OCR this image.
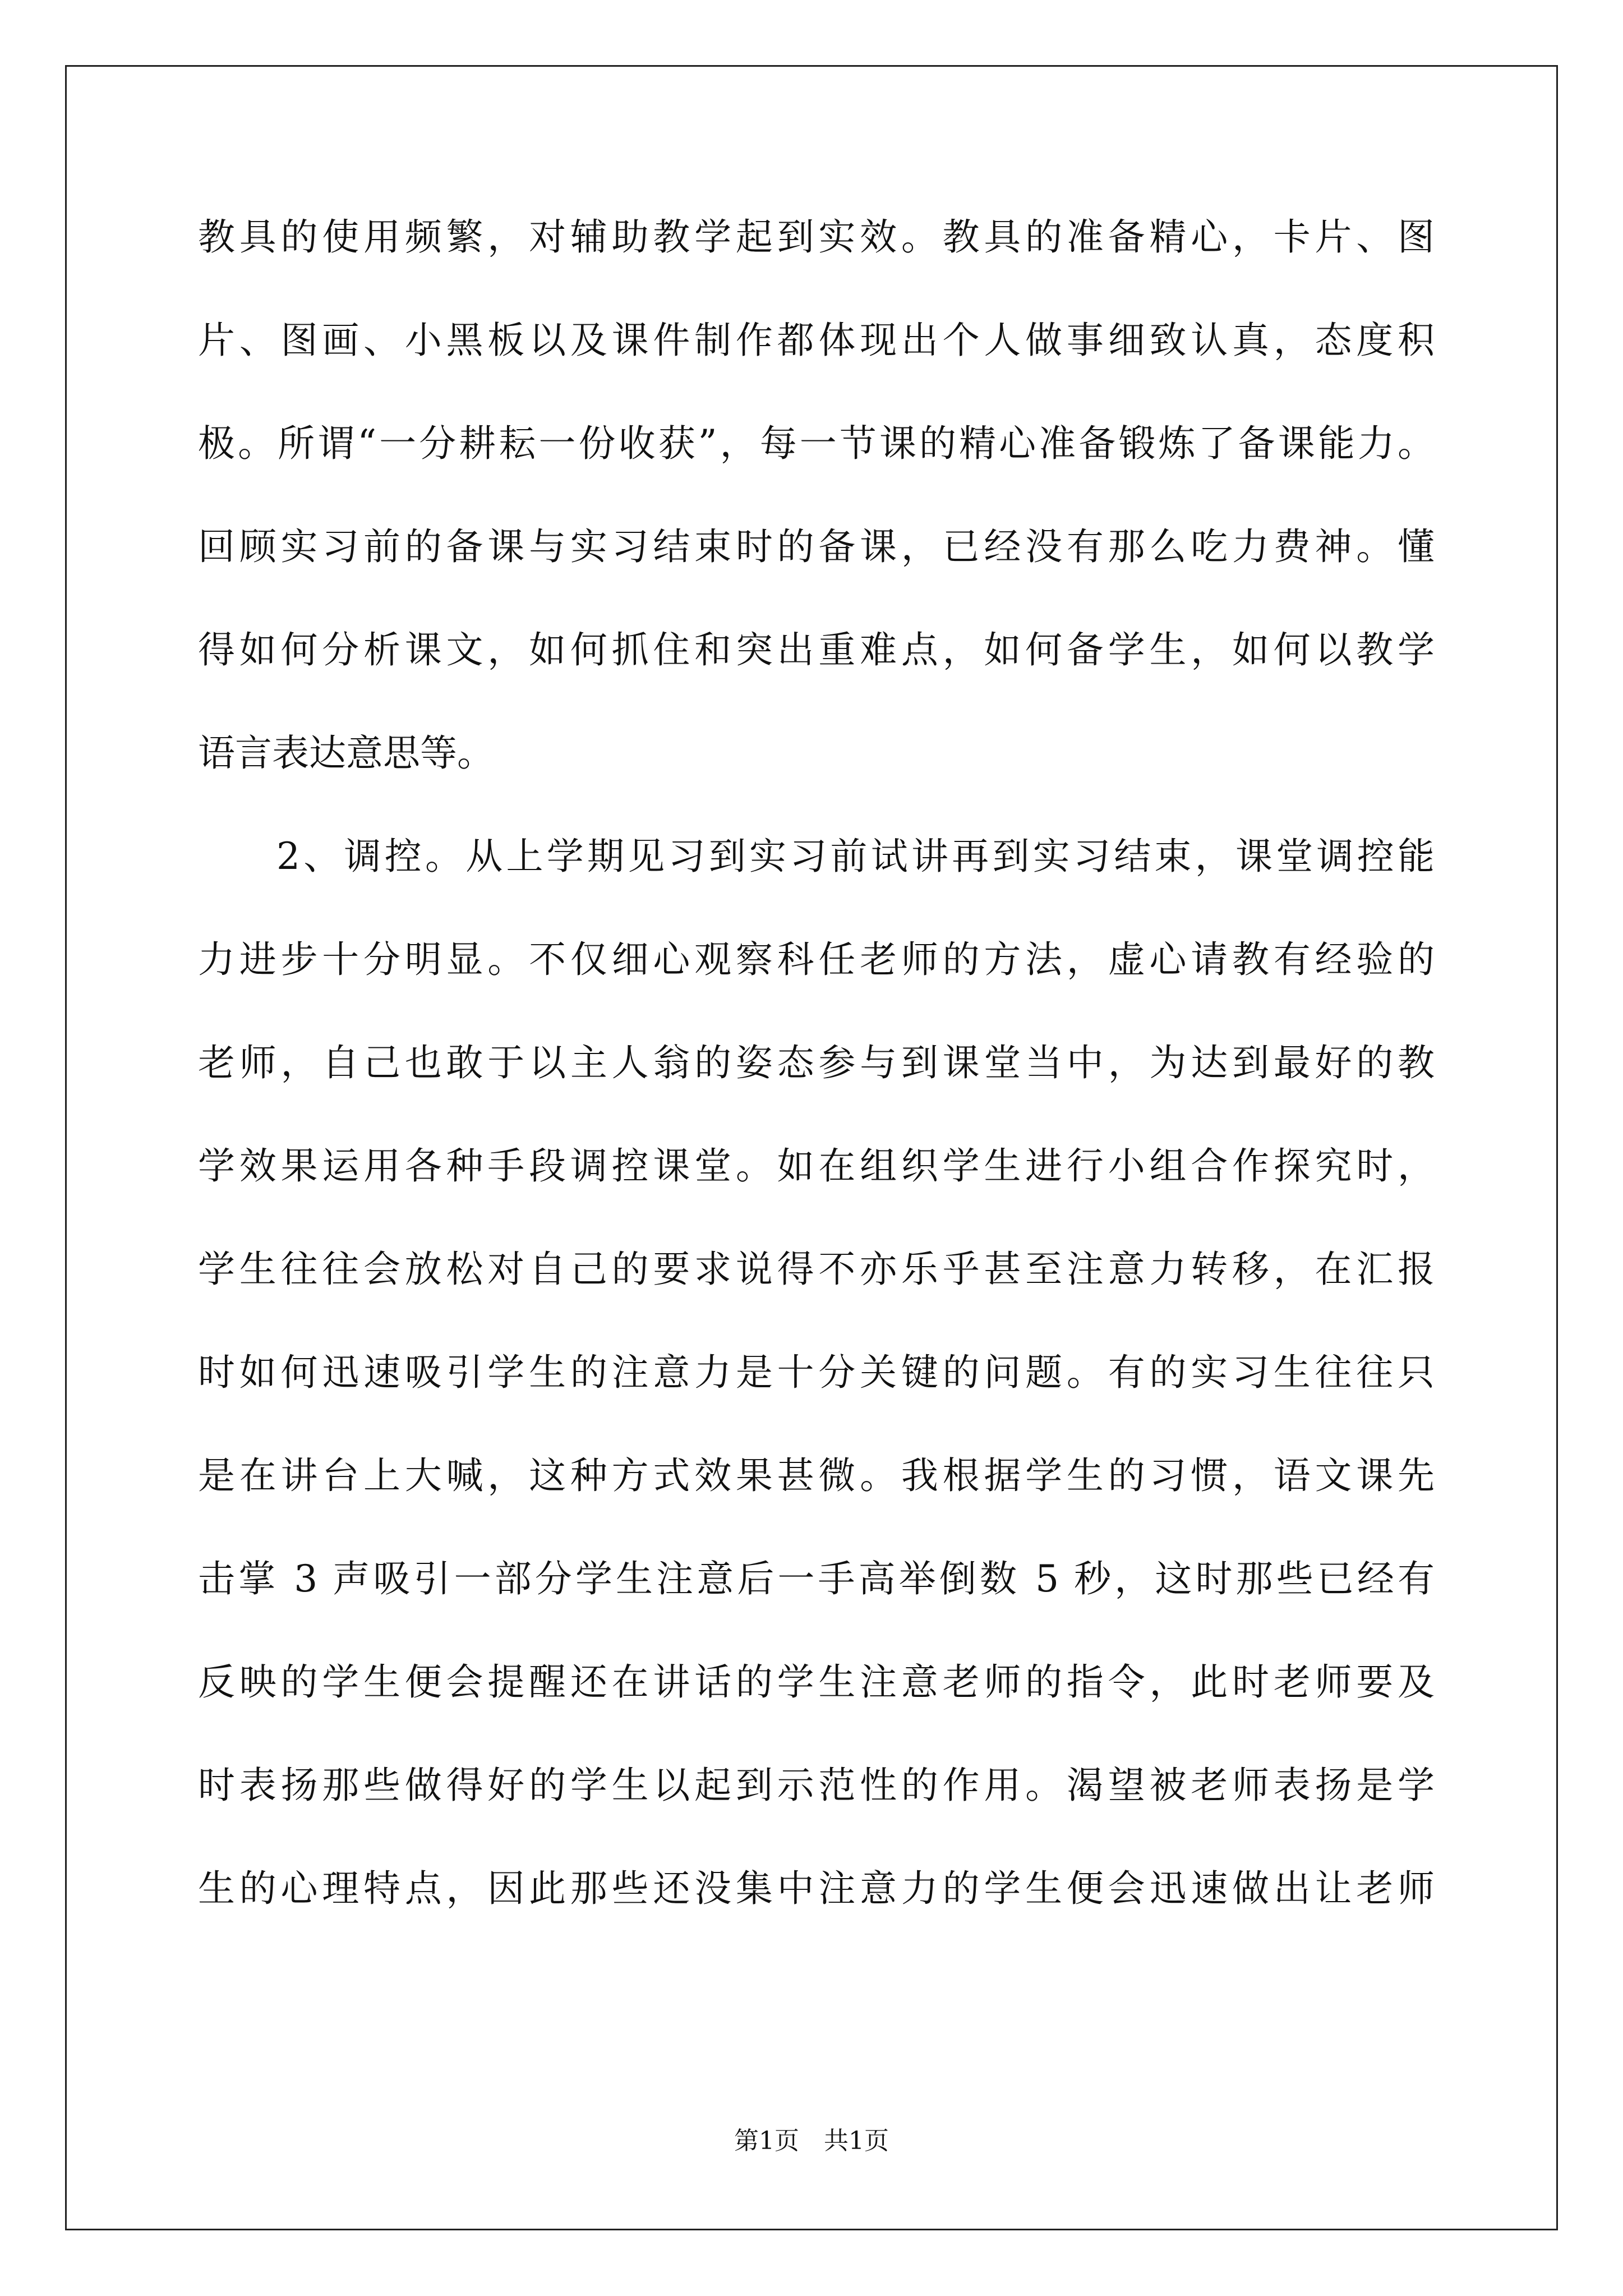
教具的使用频繁，对辅助教学起到实效。教具的准备精心，卡片、图
片、图画、小黑板以及课件制作都体现出个人做事细致认真，态度积
极。所谓“一分耕耘一份收获”，每一节课的精心准备锻炼了备课能力。
回顾实习前的备课与实习结束时的备课，已经没有那么吃力费神。懂
得如何分析课文，如何抓住和突出重难点，如何备学生，如何以教学
语言表达意思等。
2、调控。从上学期见习到实习前试讲再到实习结束，课堂调控能
力进步十分明显。不仅细心观察科任老师的方法，虚心请教有经验的
老师，自己也敢于以主人翁的姿态参与到课堂当中，为达到最好的教
学效果运用各种手段调控课堂。如在组织学生进行小组合作探究时，
学生往往会放松对自己的要求说得不亦乐乎甚至注意力转移，在汇报
时如何迅速吸引学生的注意力是十分关键的问题。有的实习生往往只
是在讲台上大喊，这种方式效果甚微。我根据学生的习惯，语文课先
击掌 3 声吸引一部分学生注意后一手高举倒数 5 秒，这时那些已经有
反映的学生便会提醒还在讲话的学生注意老师的指令，此时老师要及
时表扬那些做得好的学生以起到示范性的作用。渴望被老师表扬是学
生的心理特点，因此那些还没集中注意力的学生便会迅速做出让老师
第1页 共1页
